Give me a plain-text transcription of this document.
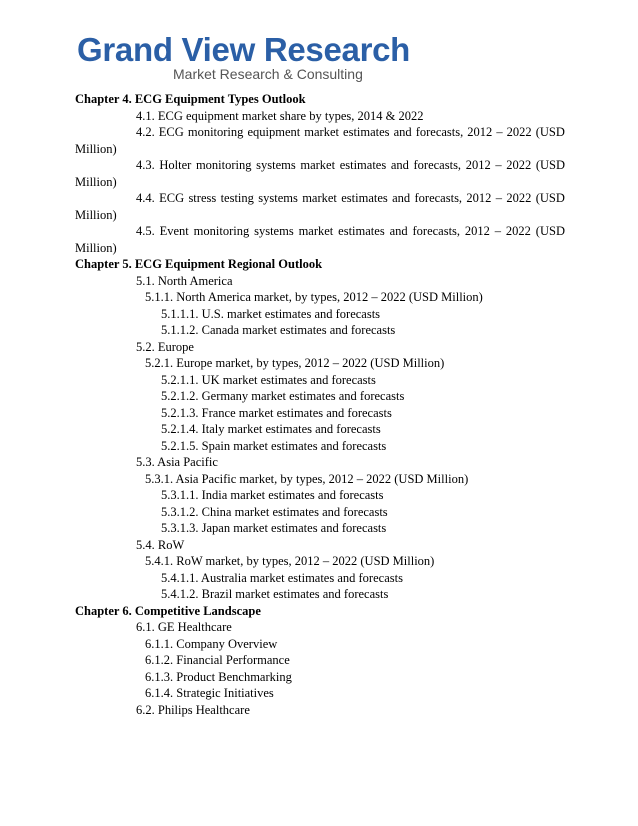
Grand View Research
Market Research & Consulting
Chapter 4. ECG Equipment Types Outlook
4.1. ECG equipment market share by types, 2014 & 2022
4.2. ECG monitoring equipment market estimates and forecasts, 2012 – 2022 (USD
Million)
4.3. Holter monitoring systems market estimates and forecasts, 2012 – 2022 (USD
Million)
4.4. ECG stress testing systems market estimates and forecasts, 2012 – 2022 (USD
Million)
4.5. Event monitoring systems market estimates and forecasts, 2012 – 2022 (USD
Million)
Chapter 5. ECG Equipment Regional Outlook
5.1. North America
5.1.1. North America market, by types, 2012 – 2022 (USD Million)
5.1.1.1. U.S. market estimates and forecasts
5.1.1.2. Canada market estimates and forecasts
5.2. Europe
5.2.1. Europe market, by types, 2012 – 2022 (USD Million)
5.2.1.1. UK market estimates and forecasts
5.2.1.2. Germany market estimates and forecasts
5.2.1.3. France market estimates and forecasts
5.2.1.4. Italy market estimates and forecasts
5.2.1.5. Spain market estimates and forecasts
5.3. Asia Pacific
5.3.1. Asia Pacific market, by types, 2012 – 2022 (USD Million)
5.3.1.1. India market estimates and forecasts
5.3.1.2. China market estimates and forecasts
5.3.1.3. Japan market estimates and forecasts
5.4. RoW
5.4.1. RoW market, by types, 2012 – 2022 (USD Million)
5.4.1.1. Australia market estimates and forecasts
5.4.1.2. Brazil market estimates and forecasts
Chapter 6. Competitive Landscape
6.1. GE Healthcare
6.1.1. Company Overview
6.1.2. Financial Performance
6.1.3. Product Benchmarking
6.1.4. Strategic Initiatives
6.2. Philips Healthcare
